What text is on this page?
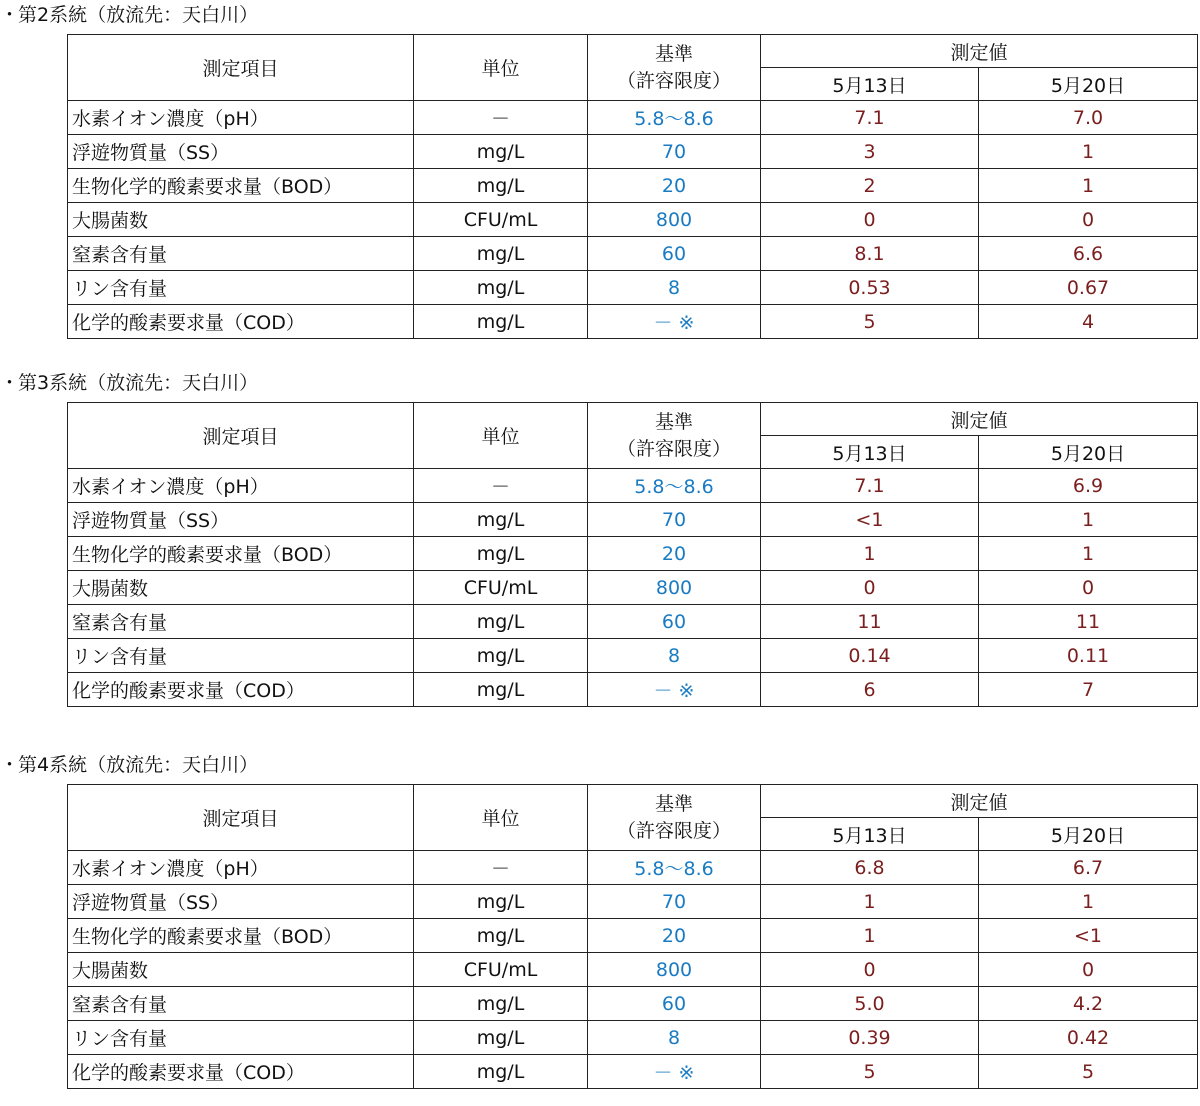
・第2系統（放流先：天白川）
測定項目	単位	基準
（許容限度）	測定値	
			5月13日	5月20日
水素イオン濃度（pH）	－	5.8〜8.6	7.1	7.0
浮遊物質量（SS）	mg/L	70	3	1
生物化学的酸素要求量（BOD）	mg/L	20	2	1
大腸菌数	CFU/mL	800	0	0
窒素含有量	mg/L	60	8.1	6.6
リン含有量	mg/L	8	0.53	0.67
化学的酸素要求量（COD）	mg/L	－ ※	5	4
・第3系統（放流先：天白川）
測定項目	単位	基準
（許容限度）	測定値	
			5月13日	5月20日
水素イオン濃度（pH）	－	5.8〜8.6	7.1	6.9
浮遊物質量（SS）	mg/L	70	<1	1
生物化学的酸素要求量（BOD）	mg/L	20	1	1
大腸菌数	CFU/mL	800	0	0
窒素含有量	mg/L	60	11	11
リン含有量	mg/L	8	0.14	0.11
化学的酸素要求量（COD）	mg/L	－ ※	6	7
・第4系統（放流先：天白川）
測定項目	単位	基準
（許容限度）	測定値	
			5月13日	5月20日
水素イオン濃度（pH）	－	5.8〜8.6	6.8	6.7
浮遊物質量（SS）	mg/L	70	1	1
生物化学的酸素要求量（BOD）	mg/L	20	1	<1
大腸菌数	CFU/mL	800	0	0
窒素含有量	mg/L	60	5.0	4.2
リン含有量	mg/L	8	0.39	0.42
化学的酸素要求量（COD）	mg/L	－ ※	5	5
